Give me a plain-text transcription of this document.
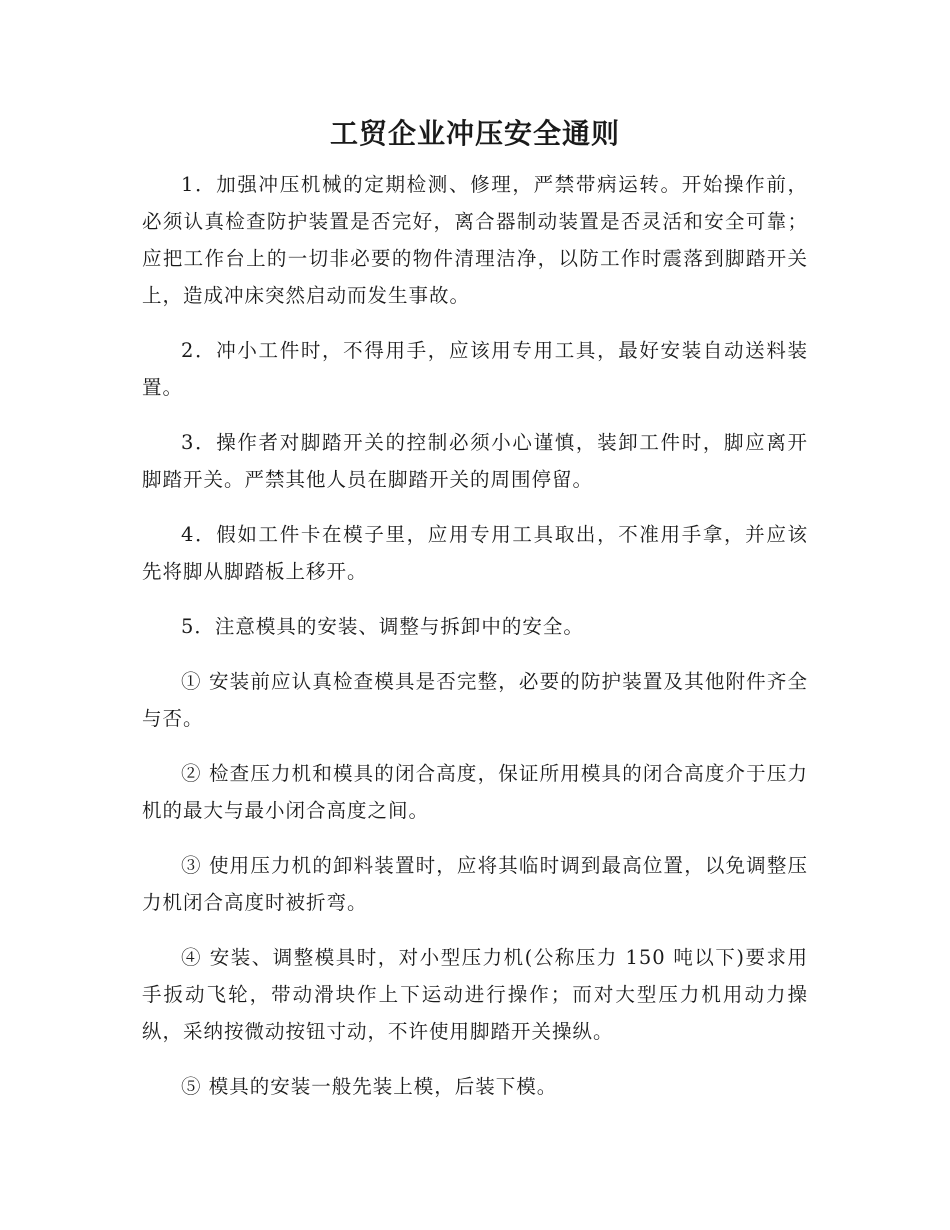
工贸企业冲压安全通则

1．加强冲压机械的定期检测、修理，严禁带病运转。开始操作前，必须认真检查防护装置是否完好，离合器制动装置是否灵活和安全可靠；应把工作台上的一切非必要的物件清理洁净，以防工作时震落到脚踏开关上，造成冲床突然启动而发生事故。

2．冲小工件时，不得用手，应该用专用工具，最好安装自动送料装置。

3．操作者对脚踏开关的控制必须小心谨慎，装卸工件时，脚应离开脚踏开关。严禁其他人员在脚踏开关的周围停留。

4．假如工件卡在模子里，应用专用工具取出，不准用手拿，并应该先将脚从脚踏板上移开。

5．注意模具的安装、调整与拆卸中的安全。

① 安装前应认真检查模具是否完整，必要的防护装置及其他附件齐全与否。

② 检查压力机和模具的闭合高度，保证所用模具的闭合高度介于压力机的最大与最小闭合高度之间。

③ 使用压力机的卸料装置时，应将其临时调到最高位置，以免调整压力机闭合高度时被折弯。

④ 安装、调整模具时，对小型压力机(公称压力 150 吨以下)要求用手扳动飞轮，带动滑块作上下运动进行操作；而对大型压力机用动力操纵，采纳按微动按钮寸动，不许使用脚踏开关操纵。

⑤ 模具的安装一般先装上模，后装下模。
